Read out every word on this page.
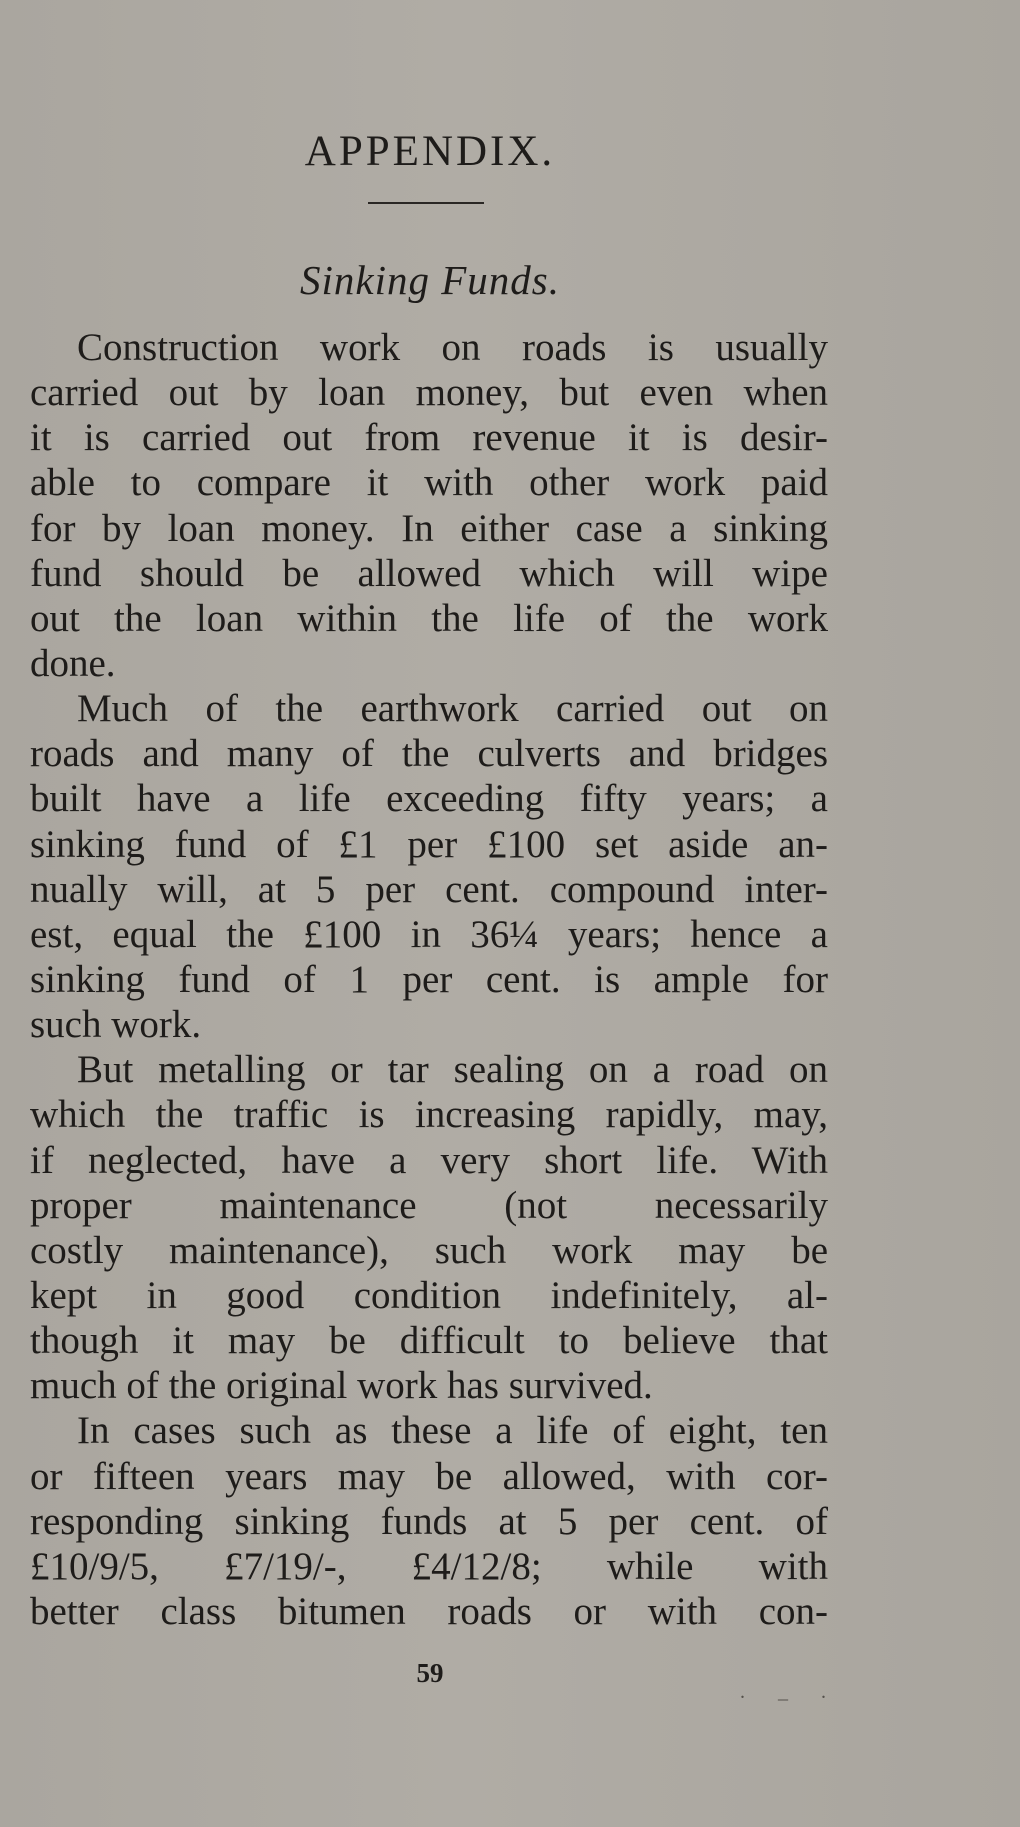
APPENDIX.
Sinking Funds.
Construction work on roads is usually
carried out by loan money, but even when
it is carried out from revenue it is desir-
able to compare it with other work paid
for by loan money. In either case a sinking
fund should be allowed which will wipe
out the loan within the life of the work
done.
Much of the earthwork carried out on
roads and many of the culverts and bridges
built have a life exceeding fifty years; a
sinking fund of £1 per £100 set aside an-
nually will, at 5 per cent. compound inter-
est, equal the £100 in 36¼ years; hence a
sinking fund of 1 per cent. is ample for
such work.
But metalling or tar sealing on a road on
which the traffic is increasing rapidly, may,
if neglected, have a very short life. With
proper maintenance (not necessarily
costly maintenance), such work may be
kept in good condition indefinitely, al-
though it may be difficult to believe that
much of the original work has survived.
In cases such as these a life of eight, ten
or fifteen years may be allowed, with cor-
responding sinking funds at 5 per cent. of
£10/9/5, £7/19/-, £4/12/8; while with
better class bitumen roads or with con-
59
. _ .
